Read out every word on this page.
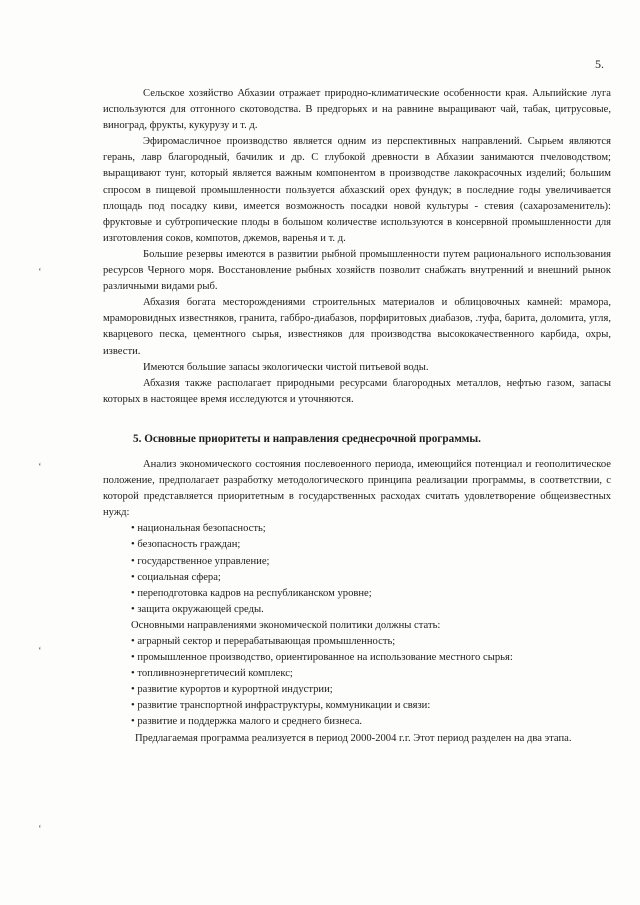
5.
‘
‘
‘
‘

Сельское хозяйство Абхазии отражает природно-климатические особенности края. Альпийские луга используются для отгонного скотоводства. В предгорьях и на равнине выращивают чай, табак, цитрусовые, виноград, фрукты, кукурузу и т. д.

Эфиромасличное производство является одним из перспективных направлений. Сырьем являются герань, лавр благородный, бачилик и др. С глубокой древности в Абхазии занимаются пчеловодством; выращивают тунг, который является важным компонентом в производстве лакокрасочных изделий; большим спросом в пищевой промышленности пользуется абхазский орех фундук; в последние годы увеличивается площадь под посадку киви, имеется возможность посадки новой культуры - стевия (сахарозаменитель): фруктовые и субтропические плоды в большом количестве используются в консервной промышленности для изготовления соков, компотов, джемов, варенья и т. д.

Большие резервы имеются в развитии рыбной промышленности путем рационального использования ресурсов Черного моря. Восстановление рыбных хозяйств позволит снабжать внутренний и внешний рынок различными видами рыб.

Абхазия богата месторождениями строительных материалов и облицовочных камней: мрамора, мраморовидных известняков, гранита, габбро-диабазов, порфиритовых диабазов, .туфа, барита, доломита, угля, кварцевого песка, цементного сырья, известняков для производства высококачественного карбида, охры, извести.

Имеются большие запасы экологически чистой питьевой воды.

Абхазия также располагает природными ресурсами благородных металлов, нефтью газом, запасы которых в настоящее время исследуются и уточняются.

5. Основные приоритеты и направления среднесрочной программы.

Анализ экономического состояния послевоенного периода, имеющийся потенциал и геополитическое положение, предполагает разработку методологического принципа реализации программы, в соответствии, с которой представляется приоритетным в государственных расходах считать удовлетворение общеизвестных нужд:

• национальная безопасность;
• безопасность граждан;
• государственное управление;
• социальная сфера;
• переподготовка кадров на республиканском уровне;
• защита окружающей среды.

Основными направлениями экономической политики должны стать:

• аграрный сектор и перерабатывающая промышленность;
• промышленное производство, ориентированное на использование местного сырья:
• топливноэнергетичесий комплекс;
• развитие курортов и курортной индустрии;
• развитие транспортной инфраструктуры, коммуникации и связи:
• развитие и поддержка малого и среднего бизнеса.

Предлагаемая программа реализуется в период 2000-2004 г.г. Этот период разделен на два этапа.
